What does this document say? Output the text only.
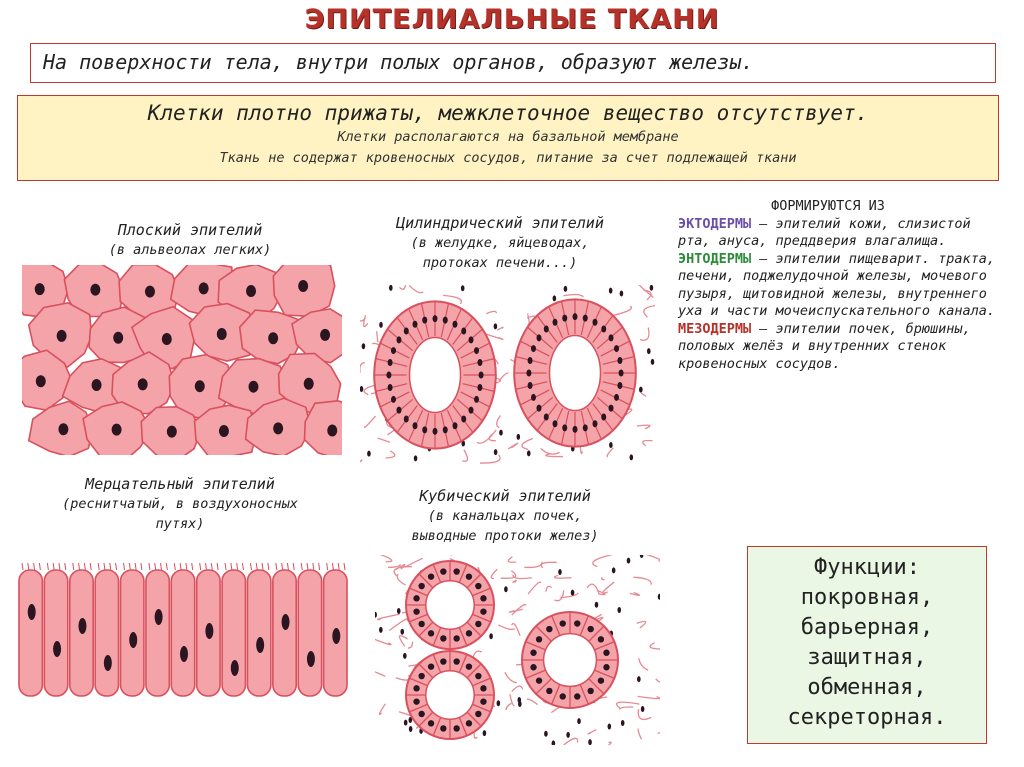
ЭПИТЕЛИАЛЬНЫЕ ТКАНИ
На поверхности тела, внутри полых органов, образуют железы.
Клетки плотно прижаты, межклеточное вещество отсутствует.
Клетки располагаются на базальной мембране
Ткань не содержат кровеносных сосудов, питание за счет подлежащей ткани
Плоский эпителий
(в альвеолах легких)
Цилиндрический эпителий
(в желудке, яйцеводах,
протоках печени...)
Мерцательный эпителий
(реснитчатый, в воздухоносных
путях)
Кубический эпителий
(в канальцах почек,
выводные протоки желез)
ФОРМИРУЮТСЯ ИЗ
ЭКТОДЕРМЫ – эпителий кожи, слизистой рта, ануса, преддверия влагалища.
ЭНТОДЕРМЫ — эпителии пищеварит. тракта, печени, поджелудочной железы, мочевого пузыря, щитовидной железы, внутреннего уха и части мочеиспускательного канала.
МЕЗОДЕРМЫ — эпителии почек, брюшины, половых желёз и внутренних стенок кровеносных сосудов.
Функции:
покровная,
барьерная,
защитная,
обменная,
секреторная.
